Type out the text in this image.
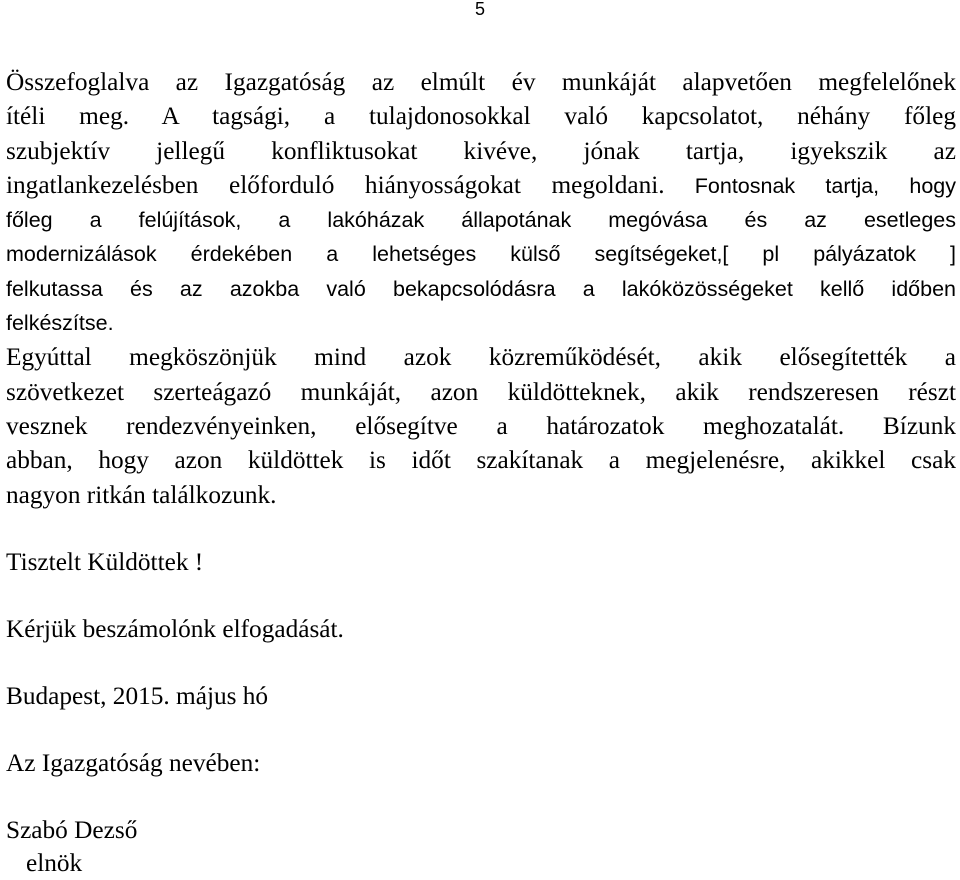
5
Összefoglalva az Igazgatóság az elmúlt év munkáját alapvetően megfelelőnek
ítéli meg. A tagsági, a tulajdonosokkal való kapcsolatot, néhány főleg
szubjektív jellegű konfliktusokat kivéve, jónak tartja, igyekszik az
ingatlankezelésben előforduló hiányosságokat megoldani. Fontosnak tartja, hogy
főleg a felújítások, a lakóházak állapotának megóvása és az esetleges
modernizálások érdekében a lehetséges külső segítségeket,[ pl pályázatok ]
felkutassa és az azokba való bekapcsolódásra a lakóközösségeket kellő időben
felkészítse.
Egyúttal megköszönjük mind azok közreműködését, akik elősegítették a
szövetkezet szerteágazó munkáját, azon küldötteknek, akik rendszeresen részt
vesznek rendezvényeinken, elősegítve a határozatok meghozatalát. Bízunk
abban, hogy azon küldöttek is időt szakítanak a megjelenésre, akikkel csak
nagyon ritkán találkozunk.
Tisztelt Küldöttek !
Kérjük beszámolónk elfogadását.
Budapest, 2015. május hó
Az Igazgatóság nevében:
Szabó Dezső
elnök
